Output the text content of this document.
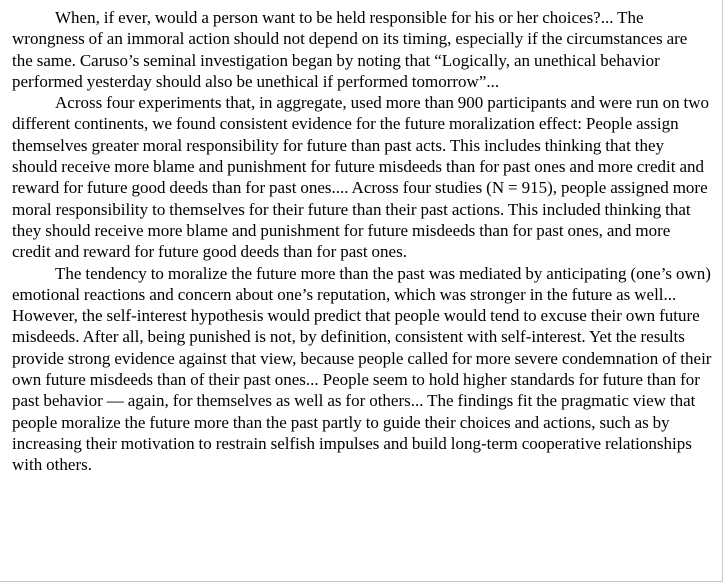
When, if ever, would a person want to be held responsible for his or her choices?... The wrongness of an immoral action should not depend on its timing, especially if the circumstances are the same. Caruso’s seminal investigation began by noting that “Logically, an unethical behavior performed yesterday should also be unethical if performed tomorrow”...

Across four experiments that, in aggregate, used more than 900 participants and were run on two different continents, we found consistent evidence for the future moralization effect: People assign themselves greater moral responsibility for future than past acts. This includes thinking that they should receive more blame and punishment for future misdeeds than for past ones and more credit and reward for future good deeds than for past ones.... Across four studies (N = 915), people assigned more moral responsibility to themselves for their future than their past actions. This included thinking that they should receive more blame and punishment for future misdeeds than for past ones, and more credit and reward for future good deeds than for past ones.

The tendency to moralize the future more than the past was mediated by anticipating (one’s own) emotional reactions and concern about one’s reputation, which was stronger in the future as well... However, the self-interest hypothesis would predict that people would tend to excuse their own future misdeeds. After all, being punished is not, by definition, consistent with self-interest. Yet the results provide strong evidence against that view, because people called for more severe condemnation of their own future misdeeds than of their past ones... People seem to hold higher standards for future than for past behavior — again, for themselves as well as for others... The findings fit the pragmatic view that people moralize the future more than the past partly to guide their choices and actions, such as by increasing their motivation to restrain selfish impulses and build long-term cooperative relationships with others.
